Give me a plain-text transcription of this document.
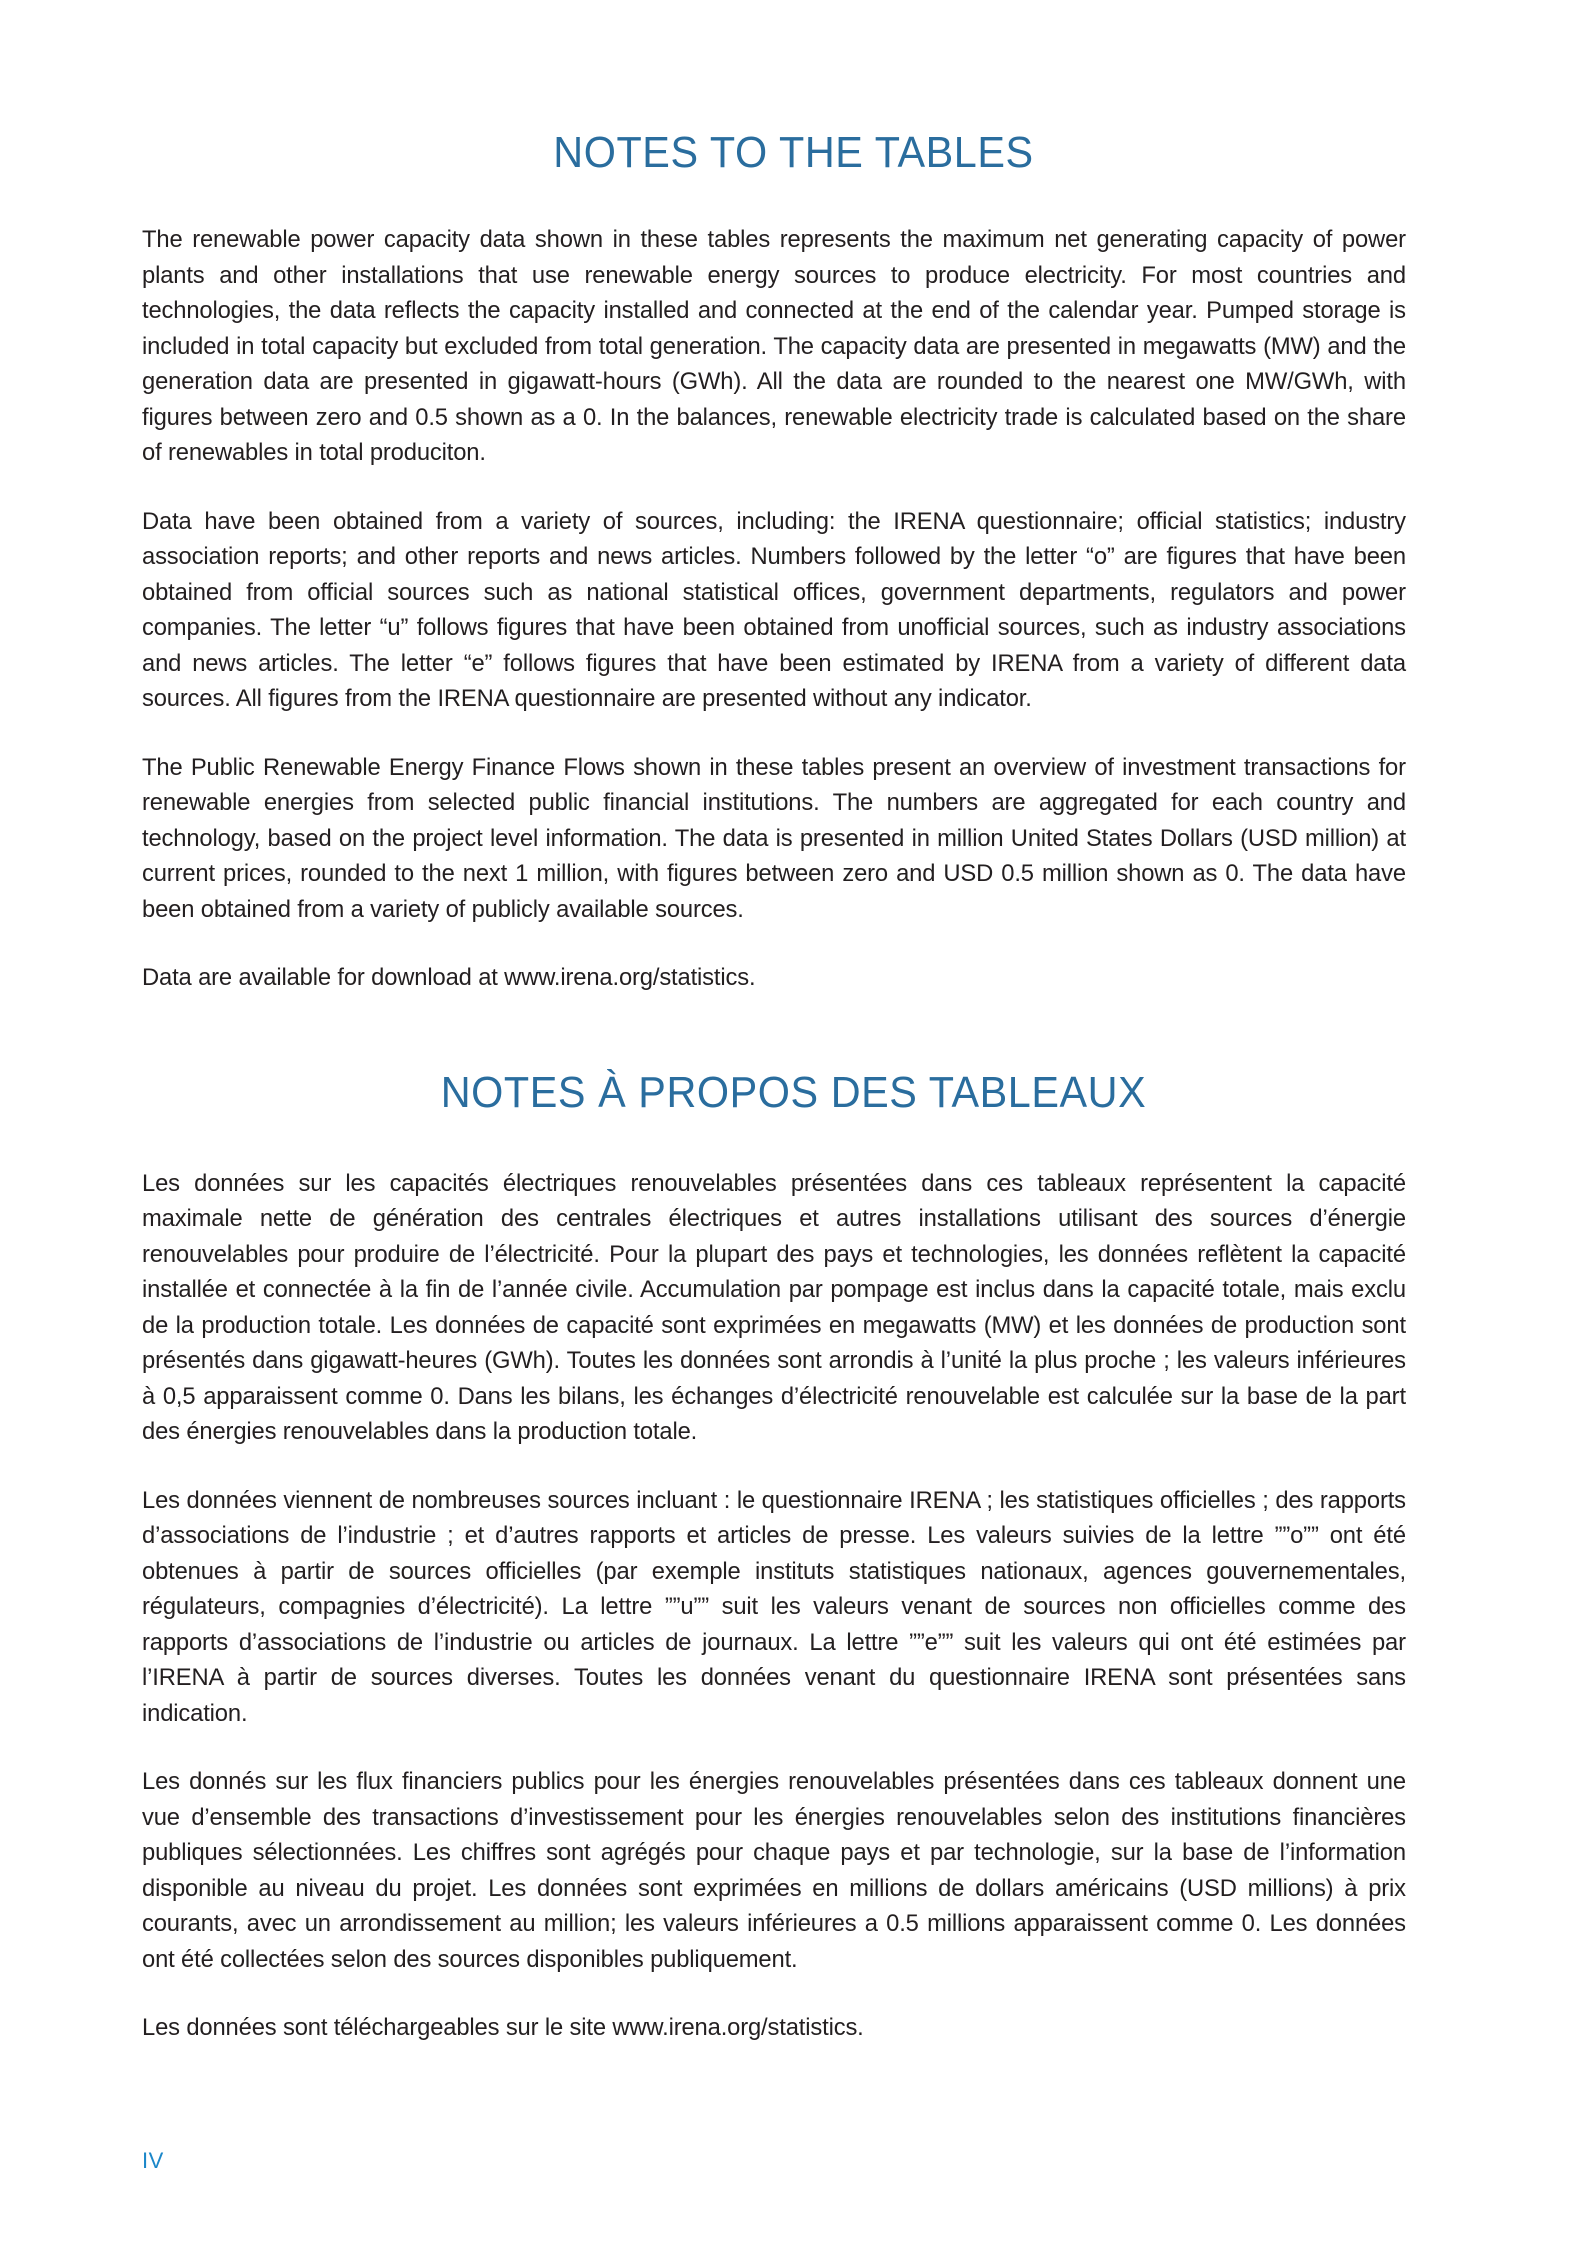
NOTES TO THE TABLES

The renewable power capacity data shown in these tables represents the maximum net generating capacity of power plants and other installations that use renewable energy sources to produce electricity. For most countries and technologies, the data reflects the capacity installed and connected at the end of the calendar year. Pumped storage is included in total capacity but excluded from total generation. The capacity data are presented in megawatts (MW) and the generation data are presented in gigawatt-hours (GWh). All the data are rounded to the nearest one MW/GWh, with figures between zero and 0.5 shown as a 0. In the balances, renewable electricity trade is calculated based on the share of renewables in total produciton.

Data have been obtained from a variety of sources, including: the IRENA questionnaire; official statistics; industry association reports; and other reports and news articles. Numbers followed by the letter “o” are figures that have been obtained from official sources such as national statistical offices, government departments, regulators and power companies. The letter “u” follows figures that have been obtained from unofficial sources, such as industry associations and news articles. The letter “e” follows figures that have been estimated by IRENA from a variety of different data sources. All figures from the IRENA questionnaire are presented without any indicator.

The Public Renewable Energy Finance Flows shown in these tables present an overview of investment transactions for renewable energies from selected public financial institutions. The numbers are aggregated for each country and technology, based on the project level information. The data is presented in million United States Dollars (USD million) at current prices, rounded to the next 1 million, with figures between zero and USD 0.5 million shown as 0. The data have been obtained from a variety of publicly available sources.

Data are available for download at www.irena.org/statistics.

NOTES À PROPOS DES TABLEAUX

Les données sur les capacités électriques renouvelables présentées dans ces tableaux représentent la capacité maximale nette de génération des centrales électriques et autres installations utilisant des sources d’énergie renouvelables pour produire de l’électricité. Pour la plupart des pays et technologies, les données reflètent la capacité installée et connectée à la fin de l’année civile. Accumulation par pompage est inclus dans la capacité totale, mais exclu de la production totale. Les données de capacité sont exprimées en megawatts (MW) et les données de production sont présentés dans gigawatt-heures (GWh). Toutes les données sont arrondis à l’unité la plus proche ; les valeurs inférieures à 0,5 apparaissent comme 0. Dans les bilans, les échanges d’électricité renouvelable est calculée sur la base de la part des énergies renouvelables dans la production totale.

Les données viennent de nombreuses sources incluant : le questionnaire IRENA ; les statistiques officielles ; des rapports d’associations de l’industrie ; et d’autres rapports et articles de presse. Les valeurs suivies de la lettre ””o”” ont été obtenues à partir de sources officielles (par exemple instituts statistiques nationaux, agences gouvernementales, régulateurs, compagnies d’électricité). La lettre ””u”” suit les valeurs venant de sources non officielles comme des rapports d’associations de l’industrie ou articles de journaux. La lettre ””e”” suit les valeurs qui ont été estimées par l’IRENA à partir de sources diverses. Toutes les données venant du questionnaire IRENA sont présentées sans indication.

Les donnés sur les flux financiers publics pour les énergies renouvelables présentées dans ces tableaux donnent une vue d’ensemble des transactions d’investissement pour les énergies renouvelables selon des institutions financières publiques sélectionnées. Les chiffres sont agrégés pour chaque pays et par technologie, sur la base de l’information disponible au niveau du projet. Les données sont exprimées en millions de dollars américains (USD millions) à prix courants, avec un arrondissement au million; les valeurs inférieures a 0.5 millions apparaissent comme 0. Les données ont été collectées selon des sources disponibles publiquement.

Les données sont téléchargeables sur le site www.irena.org/statistics.

IV
